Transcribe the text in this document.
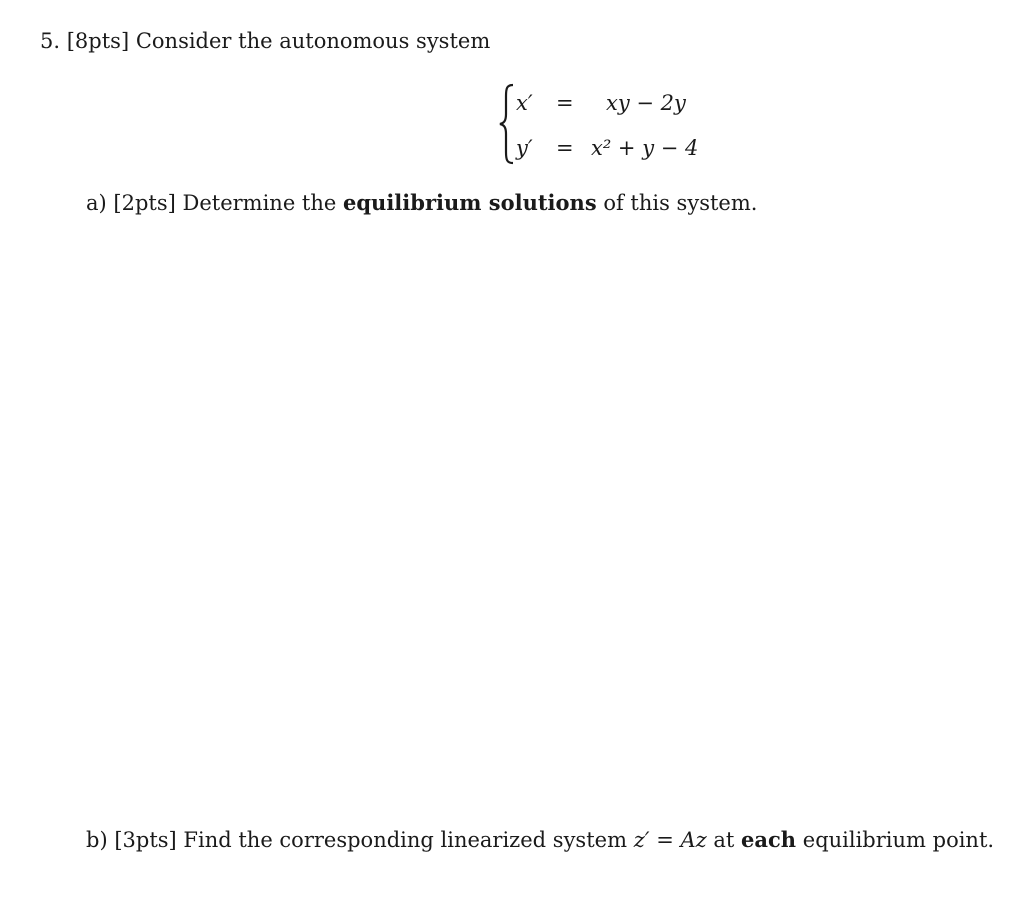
5. [8pts] Consider the autonomous system
x′ = xy − 2y
y′ = x² + y − 4
a) [2pts] Determine the equilibrium solutions of this system.
b) [3pts] Find the corresponding linearized system z′ = Az at each equilibrium point.
